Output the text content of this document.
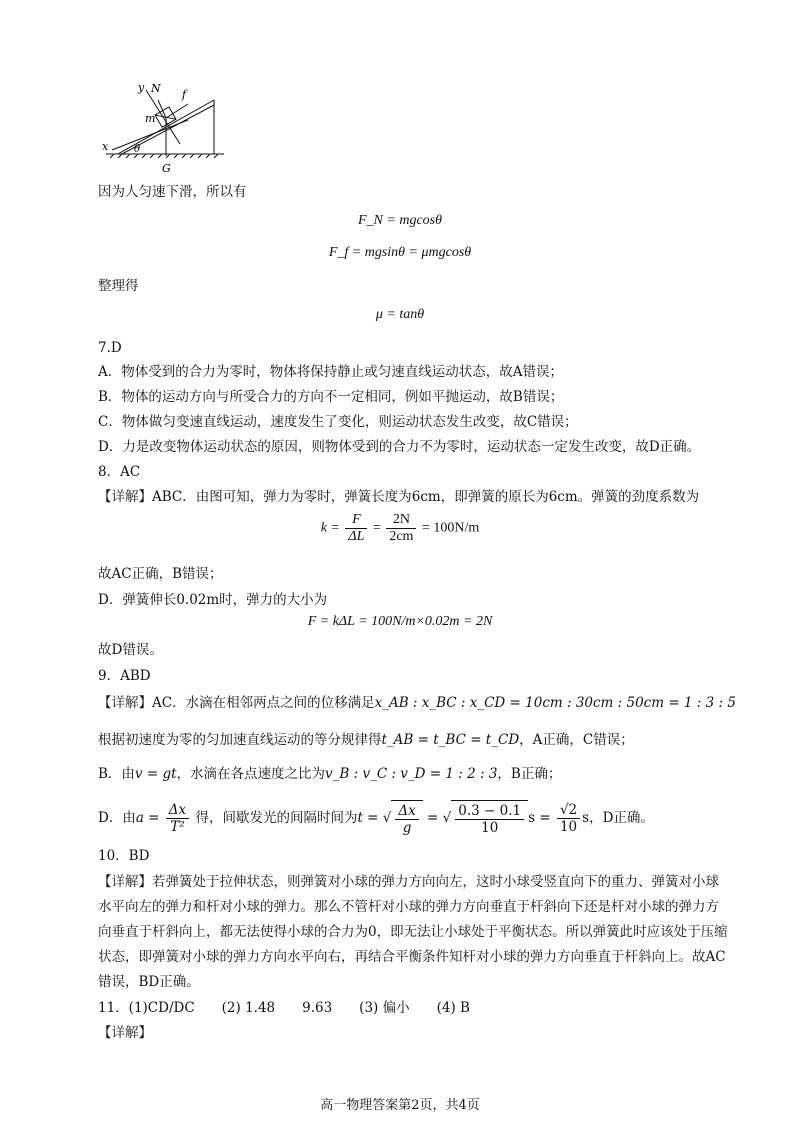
y N f
m
x	θ
G
因为人匀速下滑，所以有
F_N = mgcosθ
F_f = mgsinθ = μmgcosθ
整理得
μ = tanθ
7.D
A．物体受到的合力为零时，物体将保持静止或匀速直线运动状态，故A错误；
B．物体的运动方向与所受合力的方向不一定相同，例如平抛运动，故B错误；
C．物体做匀变速直线运动，速度发生了变化，则运动状态发生改变，故C错误；
D．力是改变物体运动状态的原因，则物体受到的合力不为零时，运动状态一定发生改变，故D正确。
8．AC
【详解】ABC．由图可知，弹力为零时，弹簧长度为6cm，即弹簧的原长为6cm。弹簧的劲度系数为
$k = \frac{F}{\Delta L} = \frac{2N}{2cm} = 100N/m$
故AC正确，B错误；
D．弹簧伸长0.02m时，弹力的大小为
F = kΔL = 100N/m×0.02m = 2N
故D错误。
9．ABD
【详解】AC．水滴在相邻两点之间的位移满足x_AB : x_BC : x_CD = 10cm : 30cm : 50cm = 1 : 3 : 5
根据初速度为零的匀加速直线运动的等分规律得t_AB = t_BC = t_CD，A正确，C错误；
B．由v = gt，水滴在各点速度之比为v_B : v_C : v_D = 1 : 2 : 3，B正确；
D．由$a = \frac{\Delta x}{\text{T²}}$ 得，间歇发光的间隔时间为t = √ $\frac{\Delta x}{g}$ = √ $\frac{0.3 - 0.1}{10}$ $s = \frac{√2}{10}$ s，D正确。
10．BD
【详解】若弹簧处于拉伸状态，则弹簧对小球的弹力方向向左，这时小球受竖直向下的重力、弹簧对小球
水平向左的弹力和杆对小球的弹力。那么不管杆对小球的弹力方向垂直于杆斜向下还是杆对小球的弹力方
向垂直于杆斜向上，都无法使得小球的合力为0，即无法让小球处于平衡状态。所以弹簧此时应该处于压缩
状态，即弹簧对小球的弹力方向水平向右，再结合平衡条件知杆对小球的弹力方向垂直于杆斜向上。故AC
错误，BD正确。
11．(1)CD/DC　　(2) 1.48　　9.63　　(3) 偏小　　(4) B
【详解】
高一物理答案第2页，共4页
